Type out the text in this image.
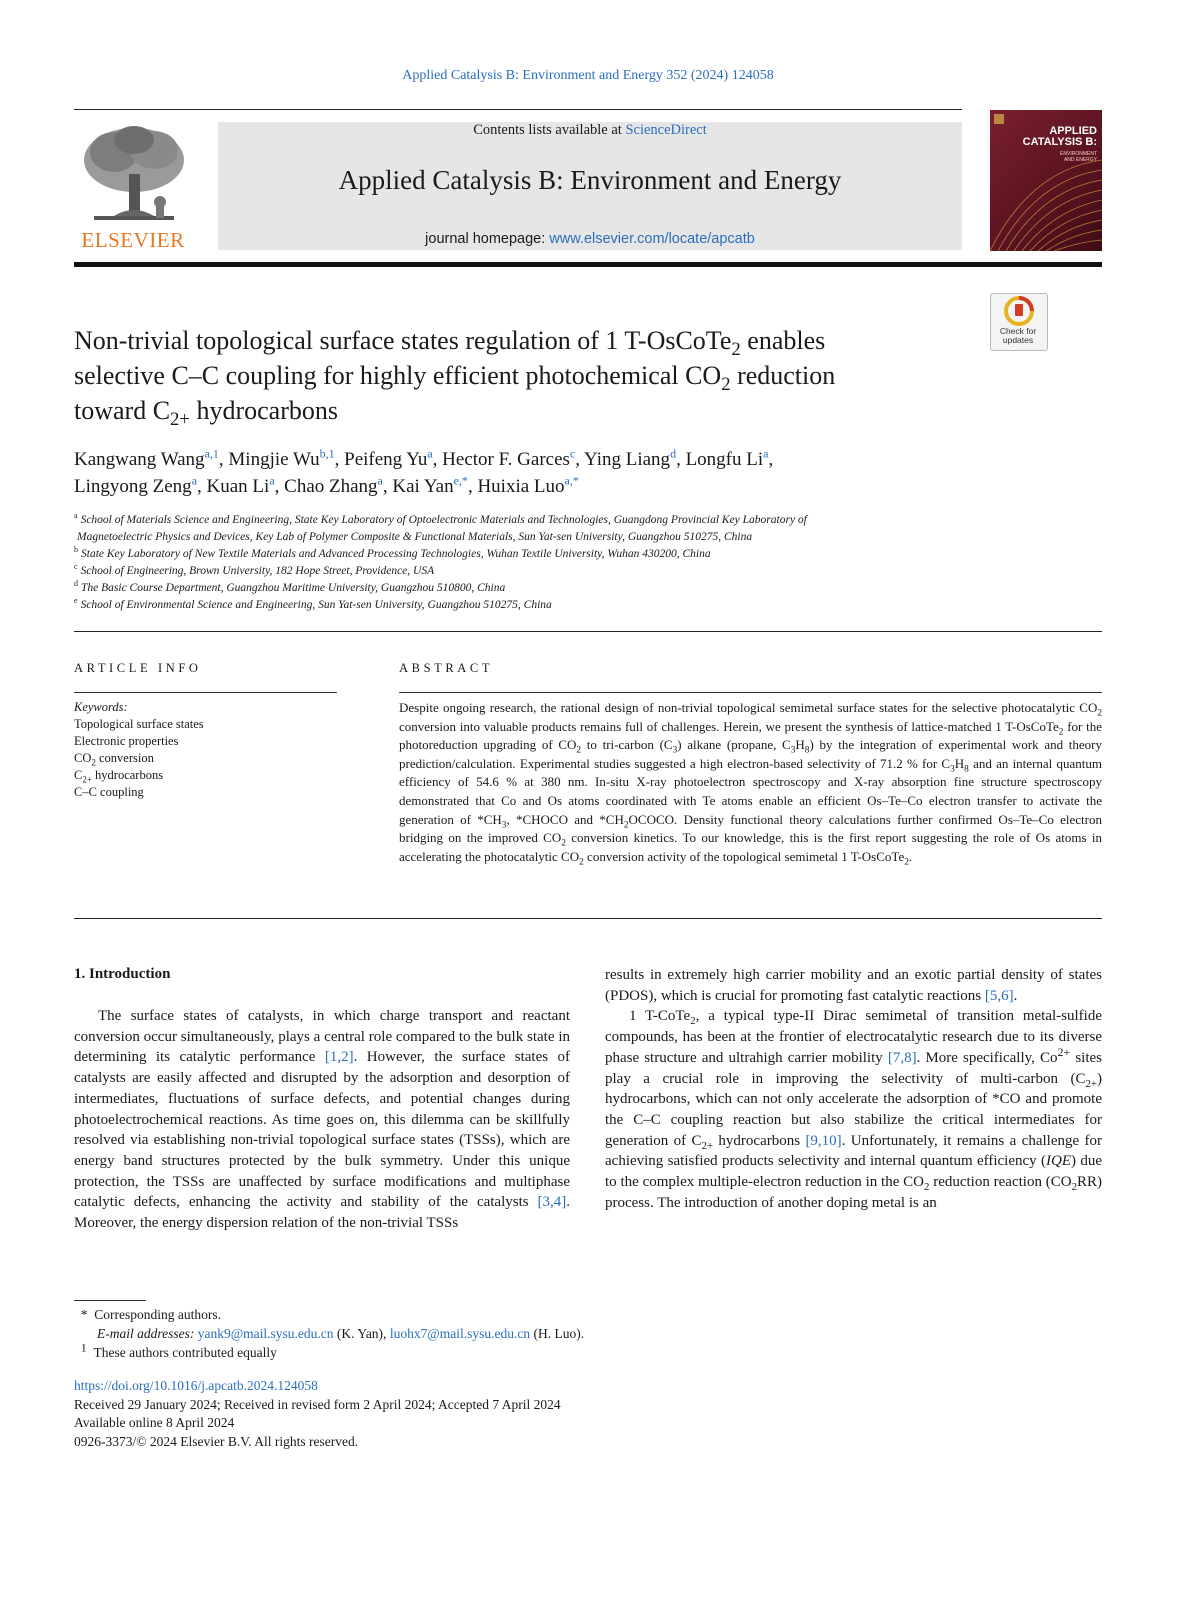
Applied Catalysis B: Environment and Energy 352 (2024) 124058
ELSEVIER
Contents lists available at ScienceDirect
Applied Catalysis B: Environment and Energy
journal homepage: www.elsevier.com/locate/apcatb
APPLIED
CATALYSIS B:
ENVIRONMENT
AND ENERGY
Check for
updates
Non-trivial topological surface states regulation of 1 T-OsCoTe$_2$ enables
selective C–C coupling for highly efficient photochemical $CO_2$ reduction
toward $C_{2+}$ hydrocarbons
Kangwang Wang$^{a,1}$, Mingjie Wu$^{b,1}$, Peifeng Yu$^a$, Hector F. Garces$^c$, Ying Liang$^d$, Longfu Li$^a$,
Lingyong Zeng$^a$, Kuan Li$^a$, Chao Zhang$^a$, Kai Yan$^{e,*}$, Huixia Luo$^{a,*}$
$^a$ School of Materials Science and Engineering, State Key Laboratory of Optoelectronic Materials and Technologies, Guangdong Provincial Key Laboratory of
Magnetoelectric Physics and Devices, Key Lab of Polymer Composite & Functional Materials, Sun Yat-sen University, Guangzhou 510275, China
$^b$ State Key Laboratory of New Textile Materials and Advanced Processing Technologies, Wuhan Textile University, Wuhan 430200, China
$^c$ School of Engineering, Brown University, 182 Hope Street, Providence, USA
$^d$ The Basic Course Department, Guangzhou Maritime University, Guangzhou 510800, China
$^e$ School of Environmental Science and Engineering, Sun Yat-sen University, Guangzhou 510275, China
ARTICLE INFO
Keywords:
Topological surface states
Electronic properties
$CO_2$ conversion
$C_{2+}$ hydrocarbons
C–C coupling
ABSTRACT
Despite ongoing research, the rational design of non-trivial topological semimetal surface states for the selective photocatalytic $CO_2$ conversion into valuable products remains full of challenges. Herein, we present the synthesis of lattice-matched 1 T-OsCoTe$_2$ for the photoreduction upgrading of $CO_2$ to tri-carbon $(C_3)$ alkane (propane, $C_3H_8$) by the integration of experimental work and theory prediction/calculation. Experimental studies suggested a high electron-based selectivity of 71.2 % for $C_3H_8$ and an internal quantum efficiency of 54.6 % at 380 nm. In-situ X-ray photoelectron spectroscopy and X-ray absorption fine structure spectroscopy demonstrated that Co and Os atoms coordinated with Te atoms enable an efficient Os–Te–Co electron transfer to activate the generation of $*CH_3$, *CHOCO and $*CH_2OCOCO$. Density functional theory calculations further confirmed Os–Te–Co electron bridging on the improved $CO_2$ conversion kinetics. To our knowledge, this is the first report suggesting the role of Os atoms in accelerating the photocatalytic $CO_2$ conversion activity of the topological semimetal 1 T-OsCoTe$_2$.
1. Introduction

The surface states of catalysts, in which charge transport and reactant conversion occur simultaneously, plays a central role compared to the bulk state in determining its catalytic performance [1,2]. However, the surface states of catalysts are easily affected and disrupted by the adsorption and desorption of intermediates, fluctuations of surface defects, and potential changes during photoelectrochemical reactions. As time goes on, this dilemma can be skillfully resolved via establishing non-trivial topological surface states (TSSs), which are energy band structures protected by the bulk symmetry. Under this unique protection, the TSSs are unaffected by surface modifications and multiphase catalytic defects, enhancing the activity and stability of the catalysts [3,4]. Moreover, the energy dispersion relation of the non-trivial TSSs

results in extremely high carrier mobility and an exotic partial density of states (PDOS), which is crucial for promoting fast catalytic reactions [5,6].

1 T-CoTe$_2$, a typical type-II Dirac semimetal of transition metal-sulfide compounds, has been at the frontier of electrocatalytic research due to its diverse phase structure and ultrahigh carrier mobility [7,8]. More specifically, $Co^{2+}$ sites play a crucial role in improving the selectivity of multi-carbon $(C_{2+})$ hydrocarbons, which can not only accelerate the adsorption of *CO and promote the C–C coupling reaction but also stabilize the critical intermediates for generation of $C_{2+}$ hydrocarbons [9,10]. Unfortunately, it remains a challenge for achieving satisfied products selectivity and internal quantum efficiency (IQE) due to the complex multiple-electron reduction in the $CO_2$ reduction reaction $(CO_2RR)$ process. The introduction of another doping metal is an

* Corresponding authors.
E-mail addresses: yank9@mail.sysu.edu.cn (K. Yan), luohx7@mail.sysu.edu.cn (H. Luo).
1 These authors contributed equally
https://doi.org/10.1016/j.apcatb.2024.124058
Received 29 January 2024; Received in revised form 2 April 2024; Accepted 7 April 2024
Available online 8 April 2024
0926-3373/© 2024 Elsevier B.V. All rights reserved.
